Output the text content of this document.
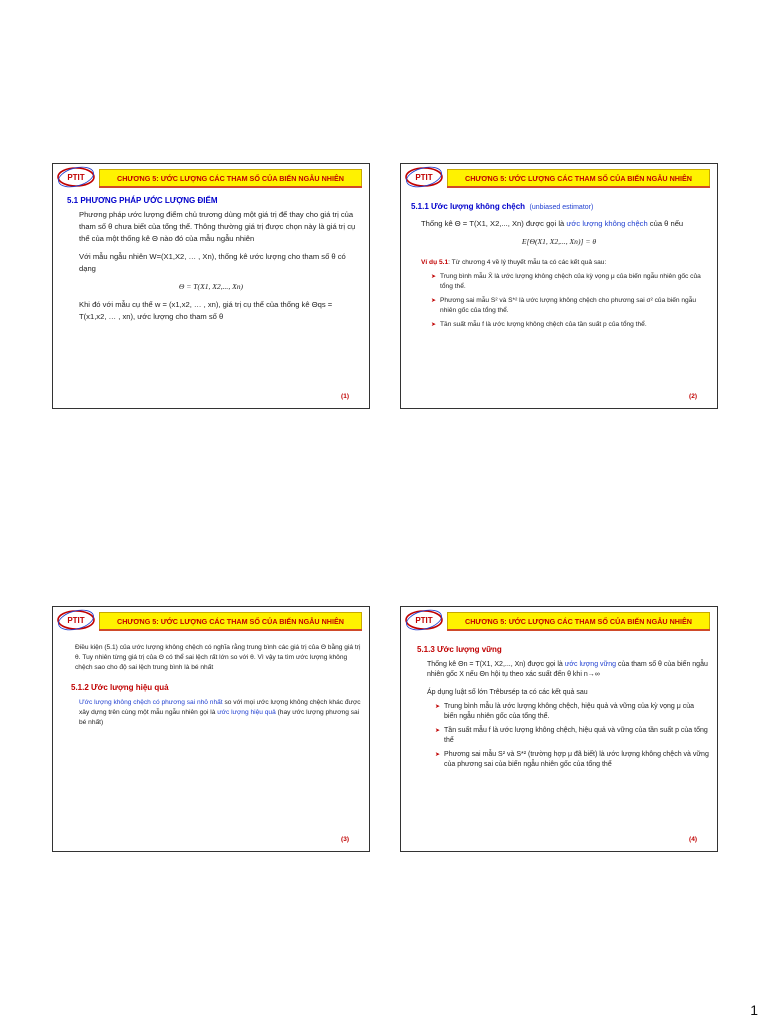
PTIT	CHƯƠNG 5: ƯỚC LƯỢNG CÁC THAM SỐ CỦA BIẾN NGẪU NHIÊN
5.1 PHƯƠNG PHÁP ƯỚC LƯỢNG ĐIỂM

Phương pháp ước lượng điểm chủ trương dùng một giá trị để thay cho giá trị của tham số θ chưa biết của tổng thể. Thông thường giá trị được chọn này là giá trị cụ thể của một thống kê Θ nào đó của mẫu ngẫu nhiên

Với mẫu ngẫu nhiên W=(X1,X2, … , Xn), thống kê ước lượng cho tham số θ có dạng

Θ = T(X1, X2,..., Xn)

Khi đó với mẫu cụ thể w = (x1,x2, … , xn), giá trị cụ thể của thống kê Θqs = T(x1,x2, … , xn), ước lượng cho tham số θ

(1)
PTIT	CHƯƠNG 5: ƯỚC LƯỢNG CÁC THAM SỐ CỦA BIẾN NGẪU NHIÊN
5.1.1 Ước lượng không chệch (unbiased estimator)

Thống kê Θ = T(X1, X2,..., Xn) được gọi là ước lượng không chệch của θ nếu

E[Θ(X1, X2,..., Xn)] = θ

Ví dụ 5.1: Từ chương 4 về lý thuyết mẫu ta có các kết quả sau:

➤ Trung bình mẫu X̄ là ước lượng không chệch của kỳ vọng μ của biến ngẫu nhiên gốc của tổng thể.

➤ Phương sai mẫu S² và S*² là ước lượng không chệch cho phương sai σ² của biến ngẫu nhiên gốc của tổng thể.

➤ Tần suất mẫu f là ước lượng không chệch của tần suất p của tổng thể.

(2)
PTIT	CHƯƠNG 5: ƯỚC LƯỢNG CÁC THAM SỐ CỦA BIẾN NGẪU NHIÊN

Điều kiện (5.1) của ước lượng không chệch có nghĩa rằng trung bình các giá trị của Θ bằng giá trị θ. Tuy nhiên từng giá trị của Θ có thể sai lệch rất lớn so với θ. Vì vậy ta tìm ước lượng không chệch sao cho độ sai lệch trung bình là bé nhất

5.1.2 Ước lượng hiệu quả

Ước lượng không chệch có phương sai nhỏ nhất so với mọi ước lượng không chệch khác được xây dựng trên cùng một mẫu ngẫu nhiên gọi là ước lượng hiệu quả (hay ước lượng phương sai bé nhất)

(3)
PTIT	CHƯƠNG 5: ƯỚC LƯỢNG CÁC THAM SỐ CỦA BIẾN NGẪU NHIÊN
5.1.3 Ước lượng vững

Thống kê Θn = T(X1, X2,..., Xn) được gọi là ước lượng vững của tham số θ của biến ngẫu nhiên gốc X nếu Θn hội tụ theo xác suất đến θ khi n→∞

Áp dụng luật số lớn Trêbưsép ta có các kết quả sau

➤ Trung bình mẫu là ước lượng không chệch, hiệu quả và vững của kỳ vọng μ của biến ngẫu nhiên gốc của tổng thể.

➤ Tần suất mẫu f là ước lượng không chệch, hiệu quả và vững của tần suất p của tổng thể

➤ Phương sai mẫu S² và S*² (trường hợp μ đã biết) là ước lượng không chệch và vững của phương sai của biến ngẫu nhiên gốc của tổng thể

(4)
1
